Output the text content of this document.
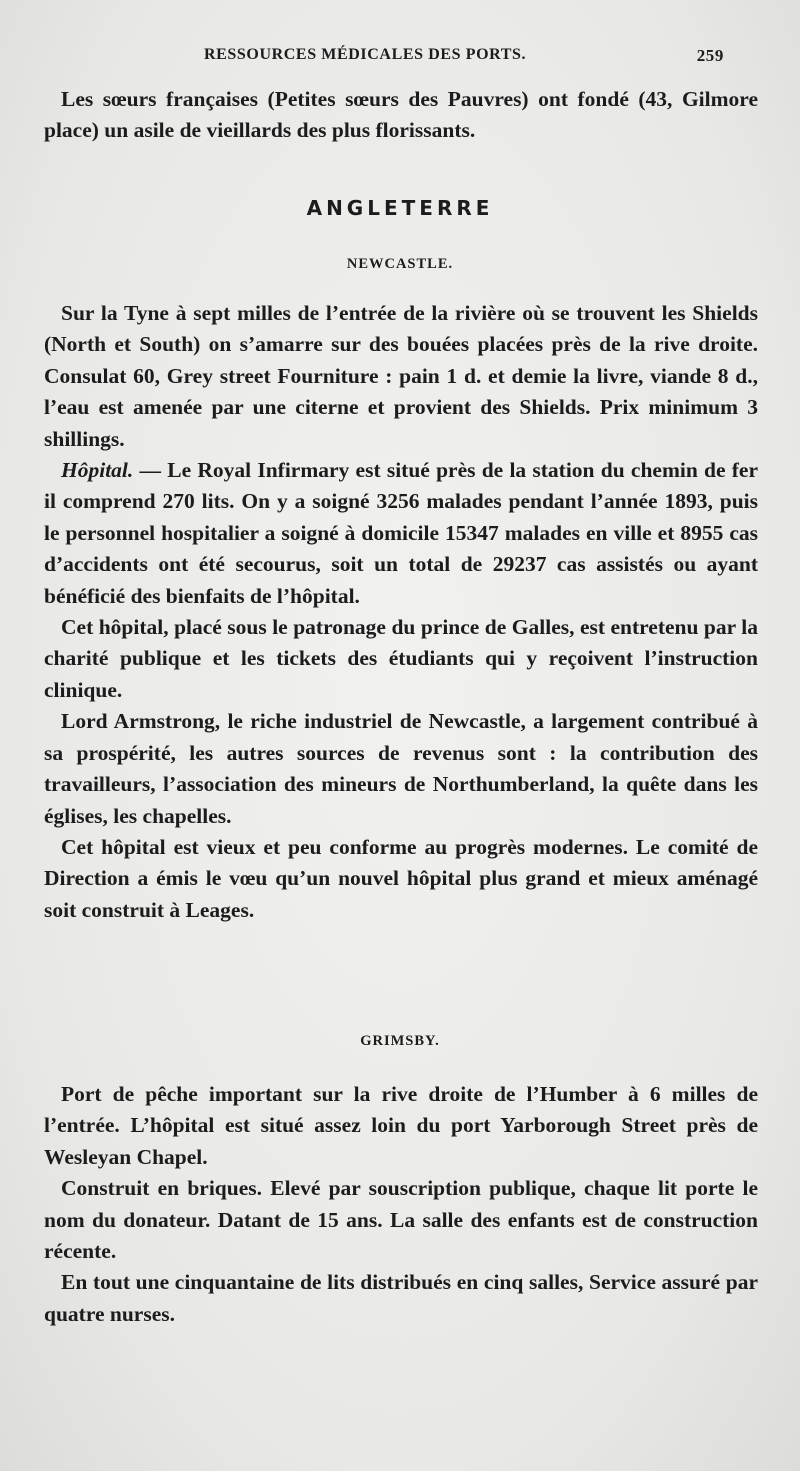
RESSOURCES MÉDICALES DES PORTS.	259

Les sœurs françaises (Petites sœurs des Pauvres) ont fondé (43, Gilmore place) un asile de vieillards des plus florissants.

ANGLETERRE
NEWCASTLE.

Sur la Tyne à sept milles de l’entrée de la rivière où se trouvent les Shields (North et South) on s’amarre sur des bouées placées près de la rive droite. Consulat 60, Grey street Fourniture : pain 1 d. et demie la livre, viande 8 d., l’eau est amenée par une citerne et provient des Shields. Prix minimum 3 shillings.

Hôpital. — Le Royal Infirmary est situé près de la station du chemin de fer il comprend 270 lits. On y a soigné 3256 malades pendant l’année 1893, puis le personnel hospitalier a soigné à domicile 15347 malades en ville et 8955 cas d’accidents ont été secourus, soit un total de 29237 cas assistés ou ayant bénéficié des bienfaits de l’hôpital.

Cet hôpital, placé sous le patronage du prince de Galles, est entretenu par la charité publique et les tickets des étudiants qui y reçoivent l’instruction clinique.

Lord Armstrong, le riche industriel de Newcastle, a largement contribué à sa prospérité, les autres sources de revenus sont : la contribution des travailleurs, l’association des mineurs de Northumberland, la quête dans les églises, les chapelles.

Cet hôpital est vieux et peu conforme au progrès modernes. Le comité de Direction a émis le vœu qu’un nouvel hôpital plus grand et mieux aménagé soit construit à Leages.

GRIMSBY.

Port de pêche important sur la rive droite de l’Humber à 6 milles de l’entrée. L’hôpital est situé assez loin du port Yarborough Street près de Wesleyan Chapel.

Construit en briques. Elevé par souscription publique, chaque lit porte le nom du donateur. Datant de 15 ans. La salle des enfants est de construction récente.

En tout une cinquantaine de lits distribués en cinq salles, Service assuré par quatre nurses.
